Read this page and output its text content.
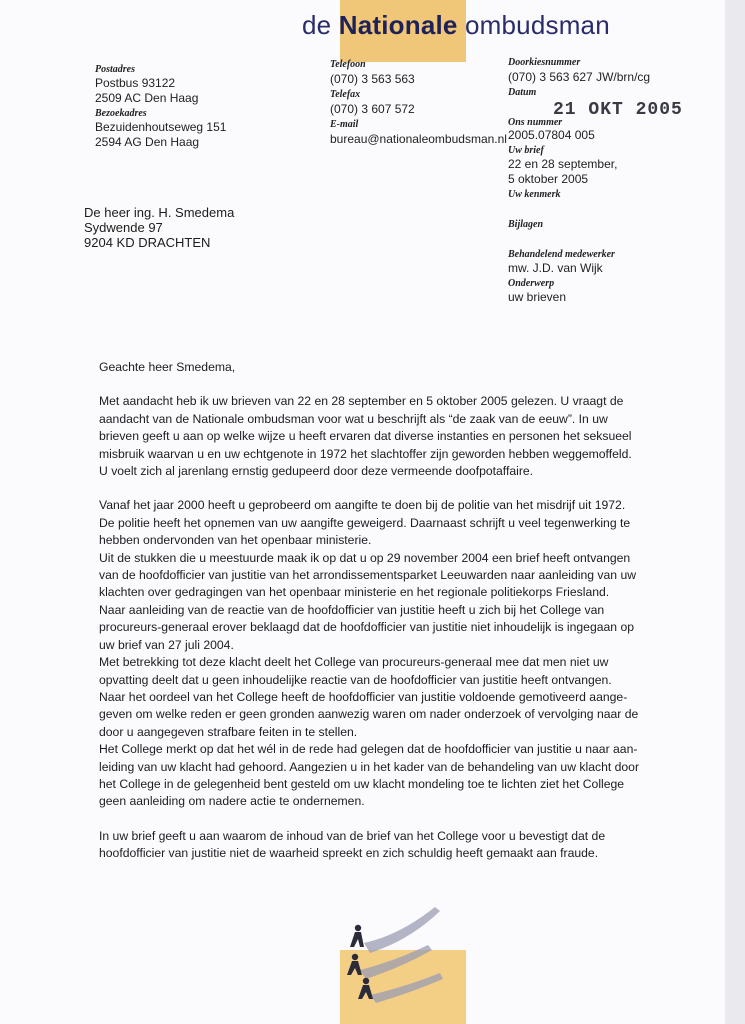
de Nationale ombudsman
Postadres
Postbus 93122
2509 AC Den Haag
Bezoekadres
Bezuidenhoutseweg 151
2594 AG Den Haag
Telefoon
(070) 3 563 563
Telefax
(070) 3 607 572
E-mail
bureau@nationaleombudsman.nl
Doorkiesnummer
(070) 3 563 627 JW/brn/cg
Datum
21 OKT 2005
Ons nummer
2005.07804 005
Uw brief
22 en 28 september,
5 oktober 2005
Uw kenmerk
Bijlagen
Behandelend medewerker
mw. J.D. van Wijk
Onderwerp
uw brieven
De heer ing. H. Smedema
Sydwende 97
9204 KD DRACHTEN

Geachte heer Smedema,

Met aandacht heb ik uw brieven van 22 en 28 september en 5 oktober 2005 gelezen. U vraagt de

aandacht van de Nationale ombudsman voor wat u beschrijft als “de zaak van de eeuw”. In uw

brieven geeft u aan op welke wijze u heeft ervaren dat diverse instanties en personen het seksueel

misbruik waarvan u en uw echtgenote in 1972 het slachtoffer zijn geworden hebben weggemoffeld.

U voelt zich al jarenlang ernstig gedupeerd door deze vermeende doofpotaffaire.

Vanaf het jaar 2000 heeft u geprobeerd om aangifte te doen bij de politie van het misdrijf uit 1972.

De politie heeft het opnemen van uw aangifte geweigerd. Daarnaast schrijft u veel tegenwerking te

hebben ondervonden van het openbaar ministerie.

Uit de stukken die u meestuurde maak ik op dat u op 29 november 2004 een brief heeft ontvangen

van de hoofdofficier van justitie van het arrondissementsparket Leeuwarden naar aanleiding van uw

klachten over gedragingen van het openbaar ministerie en het regionale politiekorps Friesland.

Naar aanleiding van de reactie van de hoofdofficier van justitie heeft u zich bij het College van

procureurs-generaal erover beklaagd dat de hoofdofficier van justitie niet inhoudelijk is ingegaan op

uw brief van 27 juli 2004.

Met betrekking tot deze klacht deelt het College van procureurs-generaal mee dat men niet uw

opvatting deelt dat u geen inhoudelijke reactie van de hoofdofficier van justitie heeft ontvangen.

Naar het oordeel van het College heeft de hoofdofficier van justitie voldoende gemotiveerd aange-

geven om welke reden er geen gronden aanwezig waren om nader onderzoek of vervolging naar de

door u aangegeven strafbare feiten in te stellen.

Het College merkt op dat het wél in de rede had gelegen dat de hoofdofficier van justitie u naar aan-

leiding van uw klacht had gehoord. Aangezien u in het kader van de behandeling van uw klacht door

het College in de gelegenheid bent gesteld om uw klacht mondeling toe te lichten ziet het College

geen aanleiding om nadere actie te ondernemen.

In uw brief geeft u aan waarom de inhoud van de brief van het College voor u bevestigt dat de

hoofdofficier van justitie niet de waarheid spreekt en zich schuldig heeft gemaakt aan fraude.
